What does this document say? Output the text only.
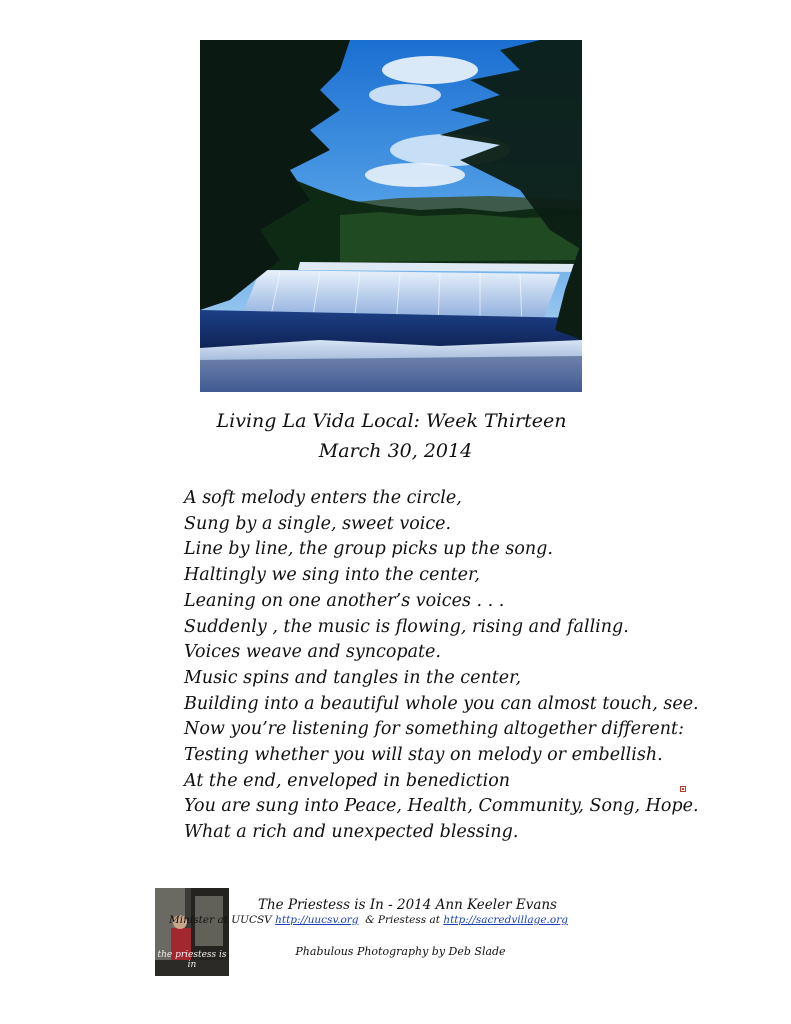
Living La Vida Local: Week Thirteen
March 30, 2014
A soft melody enters the circle,
Sung by a single, sweet voice.
Line by line, the group picks up the song.
Haltingly we sing into the center,
Leaning on one another’s voices . . .
Suddenly , the music is flowing, rising and falling.
Voices weave and syncopate.
Music spins and tangles in the center,
Building into a beautiful whole you can almost touch, see.
Now you’re listening for something altogether different:
Testing whether you will stay on melody or embellish.
At the end, enveloped in benediction
You are sung into Peace, Health, Community, Song, Hope.
What a rich and unexpected blessing.
the priestess is in
The Priestess is In - 2014 Ann Keeler Evans
Minister at UUCSV http://uucsv.org & Priestess at http://sacredvillage.org
Phabulous Photography by Deb Slade
